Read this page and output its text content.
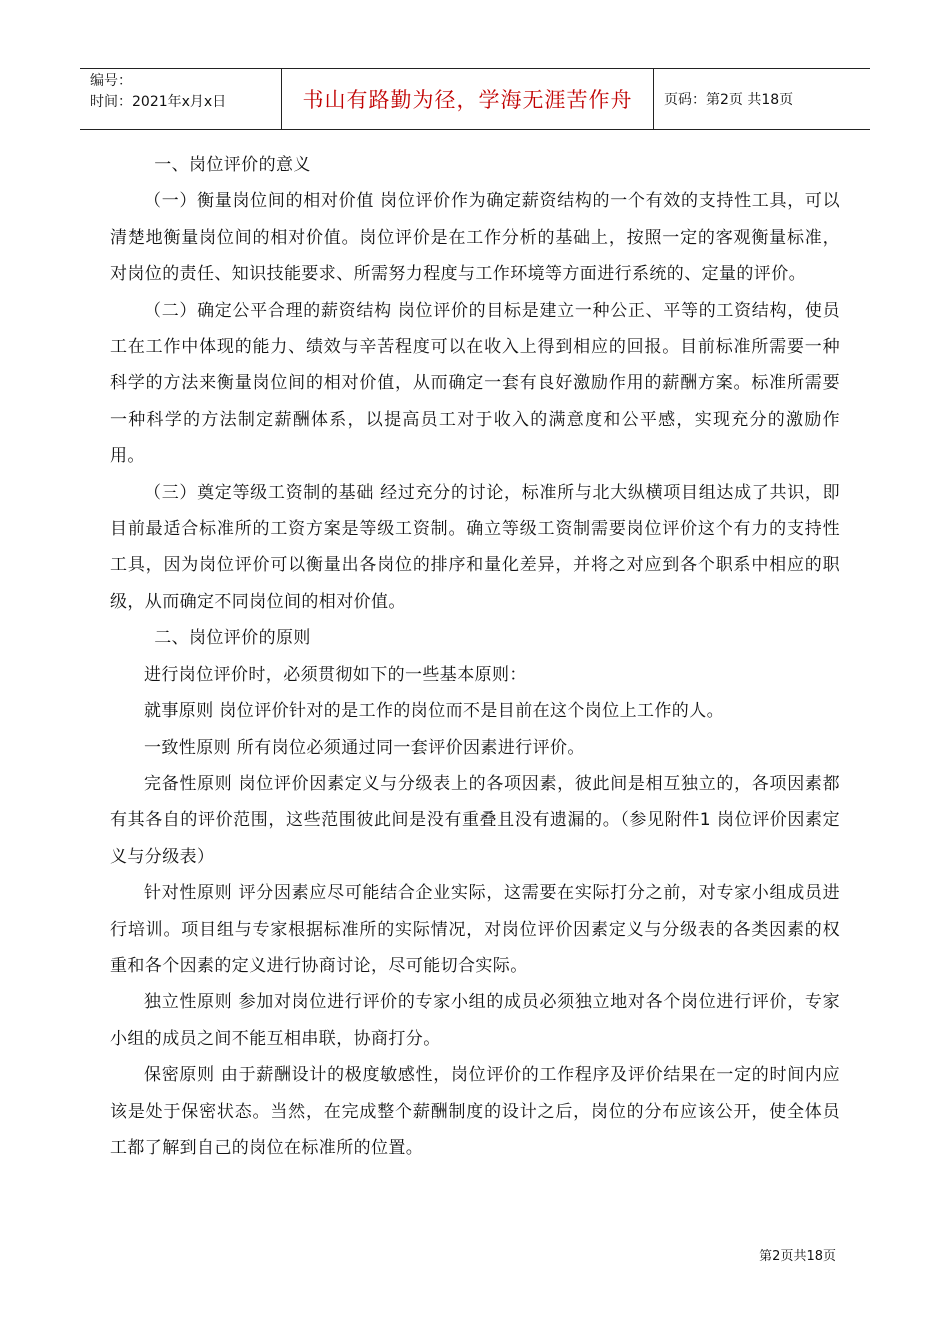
编号：
时间：2021年x月x日	书山有路勤为径，学海无涯苦作舟	页码：第2页 共18页

一、岗位评价的意义

（一）衡量岗位间的相对价值 岗位评价作为确定薪资结构的一个有效的支持性工具，可以清楚地衡量岗位间的相对价值。岗位评价是在工作分析的基础上，按照一定的客观衡量标准，对岗位的责任、知识技能要求、所需努力程度与工作环境等方面进行系统的、定量的评价。

（二）确定公平合理的薪资结构 岗位评价的目标是建立一种公正、平等的工资结构，使员工在工作中体现的能力、绩效与辛苦程度可以在收入上得到相应的回报。目前标准所需要一种科学的方法来衡量岗位间的相对价值，从而确定一套有良好激励作用的薪酬方案。标准所需要一种科学的方法制定薪酬体系，以提高员工对于收入的满意度和公平感，实现充分的激励作用。

（三）奠定等级工资制的基础 经过充分的讨论，标准所与北大纵横项目组达成了共识，即目前最适合标准所的工资方案是等级工资制。确立等级工资制需要岗位评价这个有力的支持性工具，因为岗位评价可以衡量出各岗位的排序和量化差异，并将之对应到各个职系中相应的职级，从而确定不同岗位间的相对价值。

二、岗位评价的原则

进行岗位评价时，必须贯彻如下的一些基本原则：

就事原则 岗位评价针对的是工作的岗位而不是目前在这个岗位上工作的人。

一致性原则 所有岗位必须通过同一套评价因素进行评价。

完备性原则 岗位评价因素定义与分级表上的各项因素，彼此间是相互独立的，各项因素都有其各自的评价范围，这些范围彼此间是没有重叠且没有遗漏的。（参见附件1 岗位评价因素定义与分级表）

针对性原则 评分因素应尽可能结合企业实际，这需要在实际打分之前，对专家小组成员进行培训。项目组与专家根据标准所的实际情况，对岗位评价因素定义与分级表的各类因素的权重和各个因素的定义进行协商讨论，尽可能切合实际。

独立性原则 参加对岗位进行评价的专家小组的成员必须独立地对各个岗位进行评价，专家小组的成员之间不能互相串联，协商打分。

保密原则 由于薪酬设计的极度敏感性，岗位评价的工作程序及评价结果在一定的时间内应该是处于保密状态。当然，在完成整个薪酬制度的设计之后，岗位的分布应该公开，使全体员工都了解到自己的岗位在标准所的位置。

第2页共18页
